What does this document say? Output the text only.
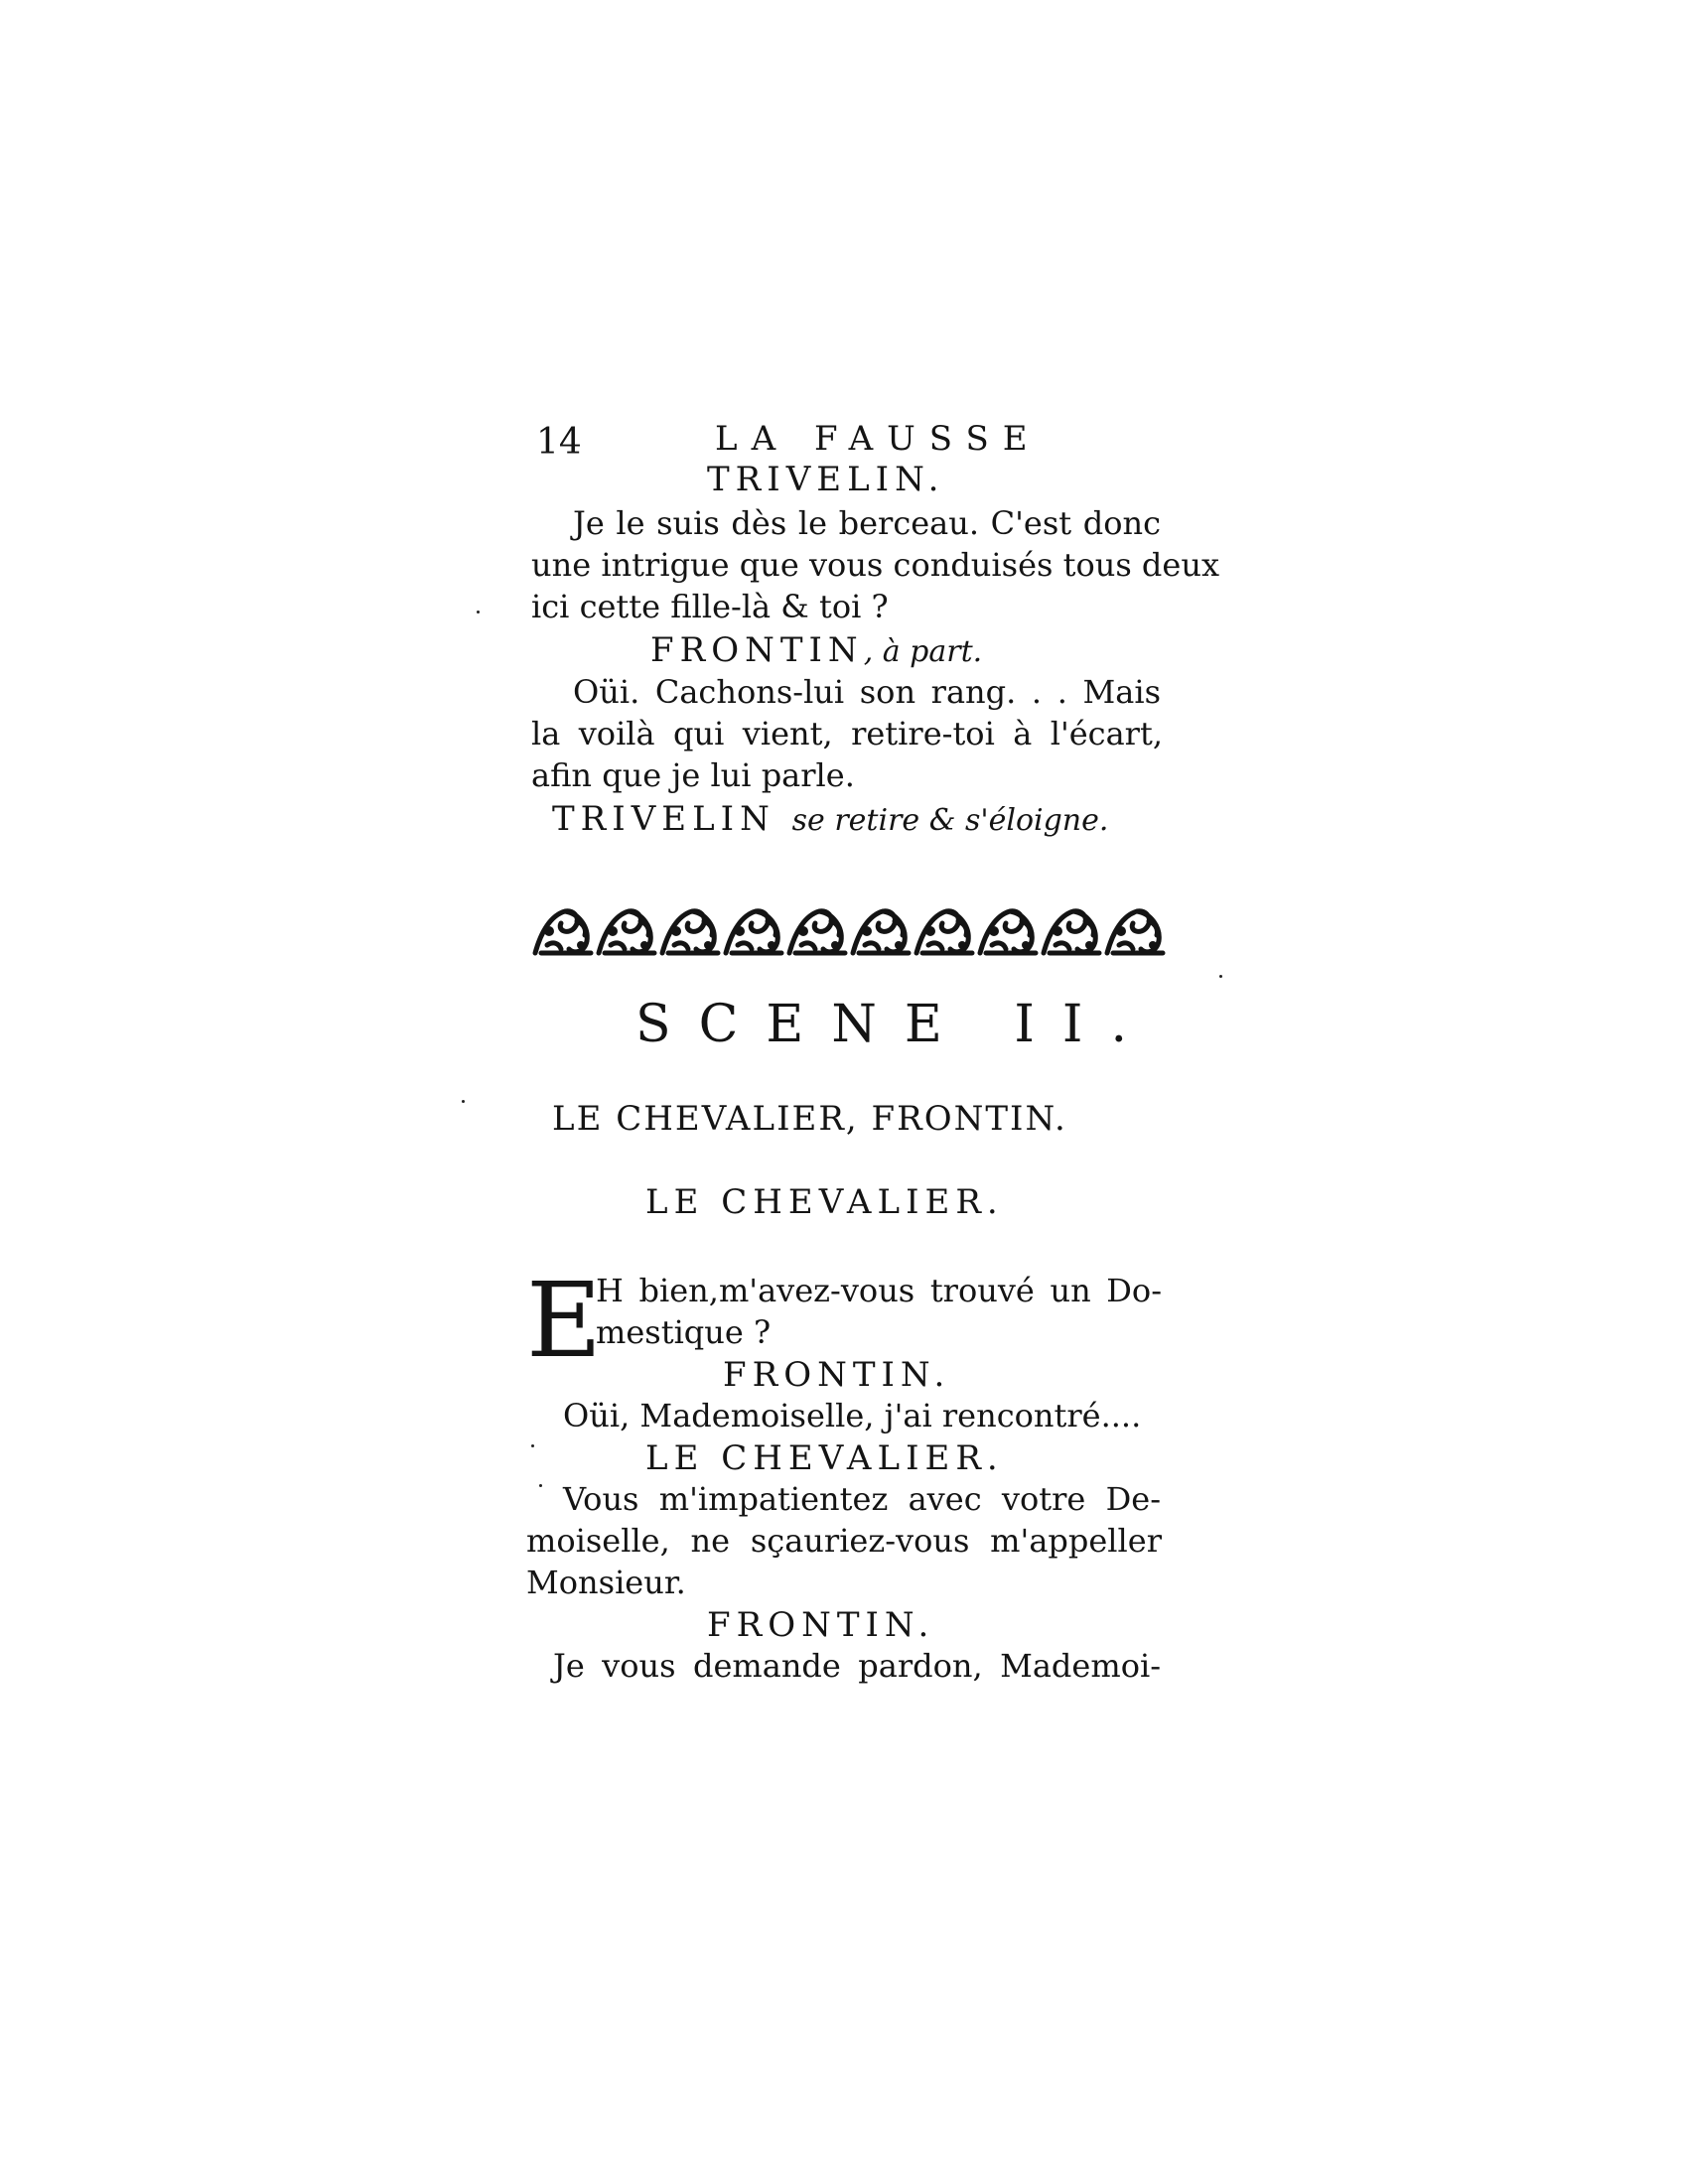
14	LA FAUSSE
TRIVELIN.
Je le suis dès le berceau. C'est donc
une intrigue que vous conduisés tous deux
ici cette fille-là & toi ?
FRONTIN, à part.
Oüi. Cachons-lui son rang. . . Mais
la voilà qui vient, retire-toi à l'écart,
afin que je lui parle.
TRIVELIN se retire & s'éloigne.
SCENE II.
LE CHEVALIER, FRONTIN.
LE CHEVALIER.
E
H bien,m'avez-vous trouvé un Do-
mestique ?
FRONTIN.
Oüi, Mademoiselle, j'ai rencontré....
LE CHEVALIER.
Vous m'impatientez avec votre De-
moiselle, ne sçauriez-vous m'appeller
Monsieur.
FRONTIN.
Je vous demande pardon, Mademoi-
